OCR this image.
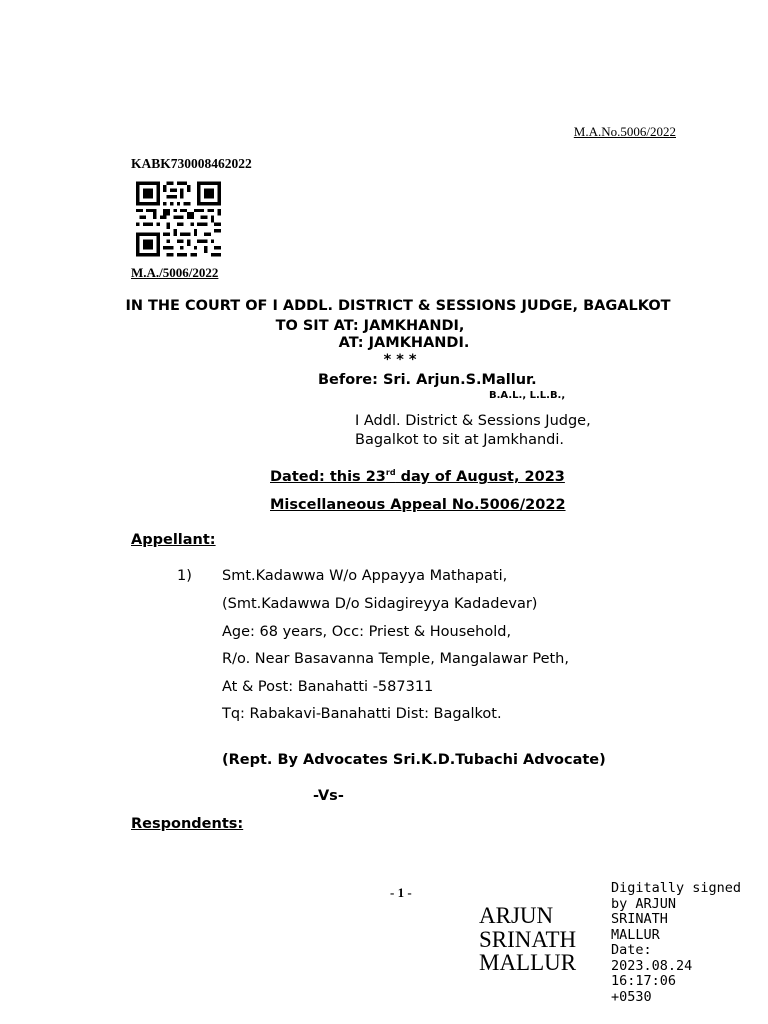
M.A.No.5006/2022
KABK730008462022
M.A./5006/2022
IN THE COURT OF I ADDL. DISTRICT & SESSIONS JUDGE, BAGALKOT
TO SIT AT: JAMKHANDI,
AT: JAMKHANDI.
* * *
Before: Sri. Arjun.S.Mallur.
B.A.L., L.L.B.,
I Addl. District & Sessions Judge,
Bagalkot to sit at Jamkhandi.
Dated: this 23rd day of August, 2023
Miscellaneous Appeal No.5006/2022
Appellant:
1) Smt.Kadawwa W/o Appayya Mathapati,
(Smt.Kadawwa D/o Sidagireyya Kadadevar)
Age: 68 years, Occ: Priest & Household,
R/o. Near Basavanna Temple, Mangalawar Peth,
At & Post: Banahatti -587311
Tq: Rabakavi-Banahatti Dist: Bagalkot.
(Rept. By Advocates Sri.K.D.Tubachi Advocate)
-Vs-
Respondents:
- 1 -
ARJUN
SRINATH
MALLUR
Digitally signed
by ARJUN
SRINATH
MALLUR
Date:
2023.08.24
16:17:06
+0530
